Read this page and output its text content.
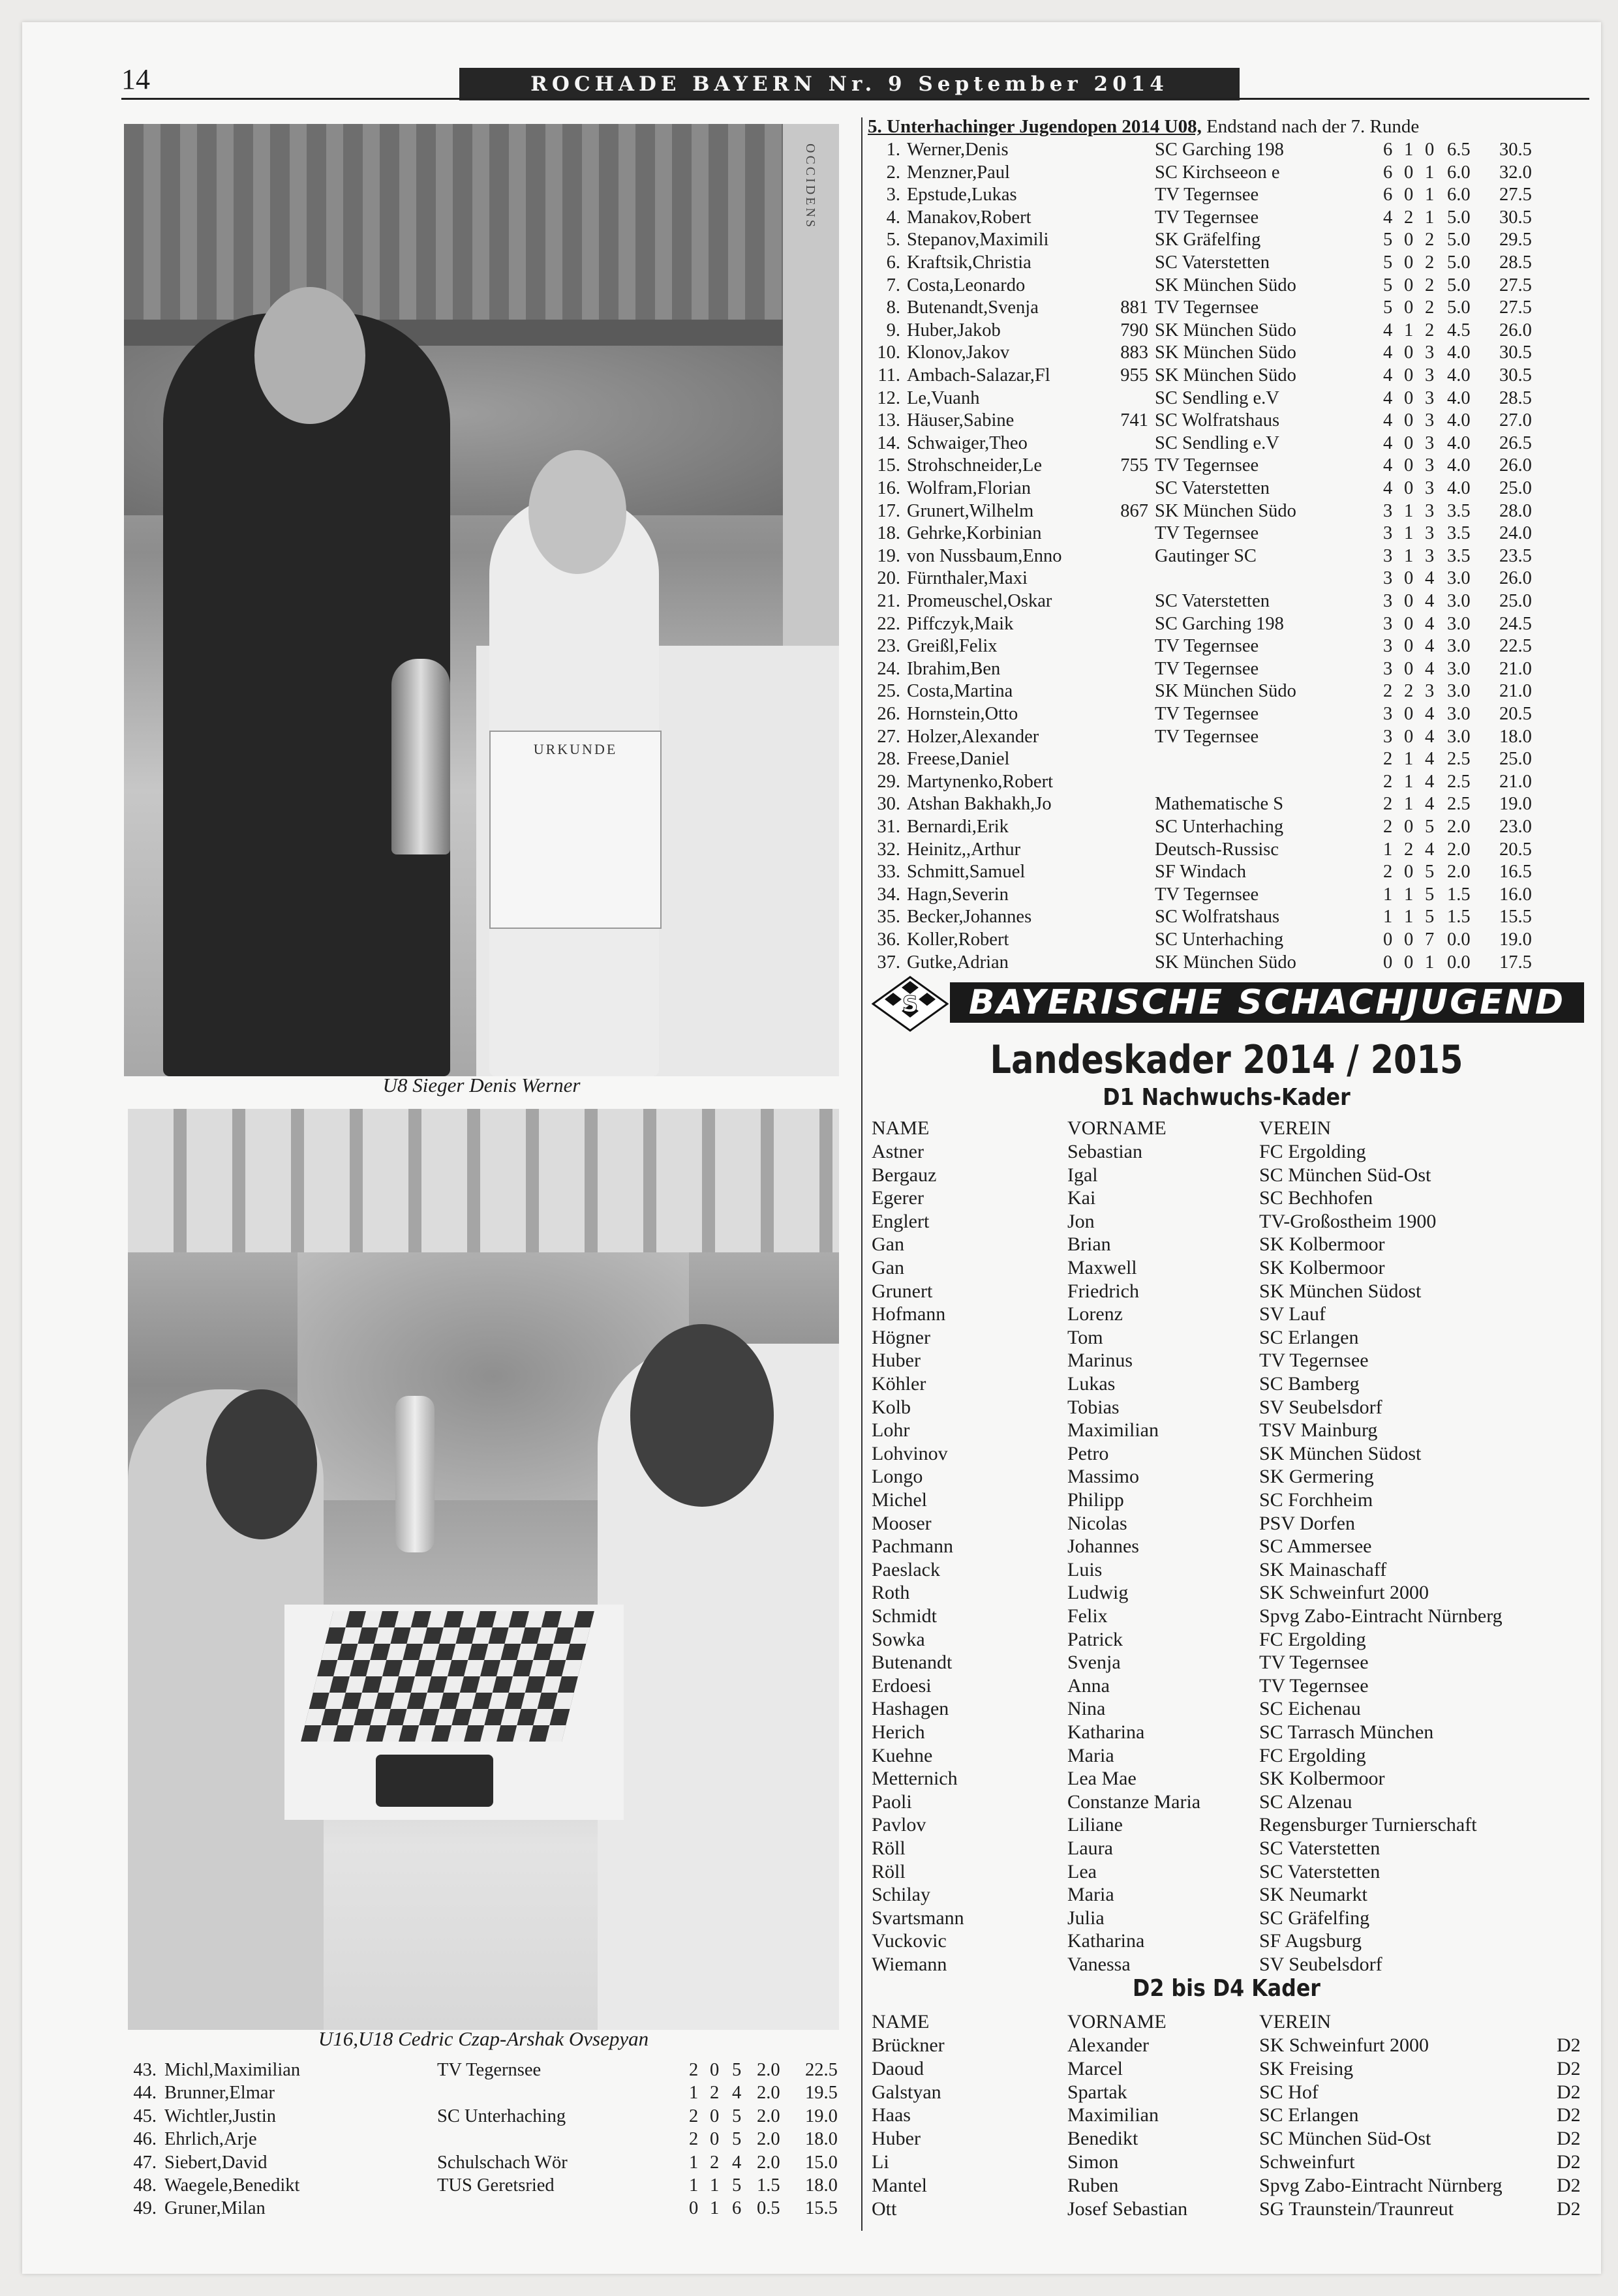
14	ROCHADE BAYERN Nr. 9 September 2014
OCCIDENS
URKUNDE
U8 Sieger Denis Werner
U16,U18 Cedric Czap-Arshak Ovsepyan
5. Unterhachinger Jugendopen 2014 U08, Endstand nach der 7. Runde
1. Werner,Denis	SC Garching 198	6 1 0 6.5 30.5
2. Menzner,Paul	SC Kirchseeon e	6 0 1 6.0 32.0
3. Epstude,Lukas	TV Tegernsee	6 0 1 6.0 27.5
4. Manakov,Robert	TV Tegernsee	4 2 1 5.0 30.5
5. Stepanov,Maximili	SK Gräfelfing	5 0 2 5.0 29.5
6. Kraftsik,Christia	SC Vaterstetten	5 0 2 5.0 28.5
7. Costa,Leonardo	SK München Südo	5 0 2 5.0 27.5
8. Butenandt,Svenja	881 TV Tegernsee	5 0 2 5.0 27.5
9. Huber,Jakob	790 SK München Südo	4 1 2 4.5 26.0
10. Klonov,Jakov	883 SK München Südo	4 0 3 4.0 30.5
11. Ambach-Salazar,Fl	955 SK München Südo	4 0 3 4.0 30.5
12. Le,Vuanh	SC Sendling e.V	4 0 3 4.0 28.5
13. Häuser,Sabine	741 SC Wolfratshaus	4 0 3 4.0 27.0
14. Schwaiger,Theo	SC Sendling e.V	4 0 3 4.0 26.5
15. Strohschneider,Le	755 TV Tegernsee	4 0 3 4.0 26.0
16. Wolfram,Florian	SC Vaterstetten	4 0 3 4.0 25.0
17. Grunert,Wilhelm	867 SK München Südo	3 1 3 3.5 28.0
18. Gehrke,Korbinian	TV Tegernsee	3 1 3 3.5 24.0
19. von Nussbaum,Enno	Gautinger SC	3 1 3 3.5 23.5
20. Fürnthaler,Maxi	3 0 4 3.0 26.0
21. Promeuschel,Oskar	SC Vaterstetten	3 0 4 3.0 25.0
22. Piffczyk,Maik	SC Garching 198	3 0 4 3.0 24.5
23. Greißl,Felix	TV Tegernsee	3 0 4 3.0 22.5
24. Ibrahim,Ben	TV Tegernsee	3 0 4 3.0 21.0
25. Costa,Martina	SK München Südo	2 2 3 3.0 21.0
26. Hornstein,Otto	TV Tegernsee	3 0 4 3.0 20.5
27. Holzer,Alexander	TV Tegernsee	3 0 4 3.0 18.0
28. Freese,Daniel	2 1 4 2.5 25.0
29. Martynenko,Robert	2 1 4 2.5 21.0
30. Atshan Bakhakh,Jo	Mathematische S	2 1 4 2.5 19.0
31. Bernardi,Erik	SC Unterhaching	2 0 5 2.0 23.0
32. Heinitz,,Arthur	Deutsch-Russisc	1 2 4 2.0 20.5
33. Schmitt,Samuel	SF Windach	2 0 5 2.0 16.5
34. Hagn,Severin	TV Tegernsee	1 1 5 1.5 16.0
35. Becker,Johannes	SC Wolfratshaus	1 1 5 1.5 15.5
36. Koller,Robert	SC Unterhaching	0 0 7 0.0 19.0
37. Gutke,Adrian	SK München Südo	0 0 1 0.0 17.5
43. Michl,Maximilian	TV Tegernsee	2 0 5 2.0 22.5
44. Brunner,Elmar	1 2 4 2.0 19.5
45. Wichtler,Justin	SC Unterhaching	2 0 5 2.0 19.0
46. Ehrlich,Arje	2 0 5 2.0 18.0
47. Siebert,David	Schulschach Wör	1 2 4 2.0 15.0
48. Waegele,Benedikt	TUS Geretsried	1 1 5 1.5 18.0
49. Gruner,Milan	0 1 6 0.5 15.5
S	BAYERISCHE SCHACHJUGEND
Landeskader 2014 / 2015
D1 Nachwuchs-Kader
NAME	VORNAME	VEREIN
Astner	Sebastian	FC Ergolding
Bergauz	Igal	SC München Süd-Ost
Egerer	Kai	SC Bechhofen
Englert	Jon	TV-Großostheim 1900
Gan	Brian	SK Kolbermoor
Gan	Maxwell	SK Kolbermoor
Grunert	Friedrich	SK München Südost
Hofmann	Lorenz	SV Lauf
Högner	Tom	SC Erlangen
Huber	Marinus	TV Tegernsee
Köhler	Lukas	SC Bamberg
Kolb	Tobias	SV Seubelsdorf
Lohr	Maximilian	TSV Mainburg
Lohvinov	Petro	SK München Südost
Longo	Massimo	SK Germering
Michel	Philipp	SC Forchheim
Mooser	Nicolas	PSV Dorfen
Pachmann	Johannes	SC Ammersee
Paeslack	Luis	SK Mainaschaff
Roth	Ludwig	SK Schweinfurt 2000
Schmidt	Felix	Spvg Zabo-Eintracht Nürnberg
Sowka	Patrick	FC Ergolding
Butenandt	Svenja	TV Tegernsee
Erdoesi	Anna	TV Tegernsee
Hashagen	Nina	SC Eichenau
Herich	Katharina	SC Tarrasch München
Kuehne	Maria	FC Ergolding
Metternich	Lea Mae	SK Kolbermoor
Paoli	Constanze Maria	SC Alzenau
Pavlov	Liliane	Regensburger Turnierschaft
Röll	Laura	SC Vaterstetten
Röll	Lea	SC Vaterstetten
Schilay	Maria	SK Neumarkt
Svartsmann	Julia	SC Gräfelfing
Vuckovic	Katharina	SF Augsburg
Wiemann	Vanessa	SV Seubelsdorf
D2 bis D4 Kader
NAME	VORNAME	VEREIN
Brückner	Alexander	SK Schweinfurt 2000	D2
Daoud	Marcel	SK Freising	D2
Galstyan	Spartak	SC Hof	D2
Haas	Maximilian	SC Erlangen	D2
Huber	Benedikt	SC München Süd-Ost	D2
Li	Simon	Schweinfurt	D2
Mantel	Ruben	Spvg Zabo-Eintracht Nürnberg	D2
Ott	Josef Sebastian	SG Traunstein/Traunreut	D2
